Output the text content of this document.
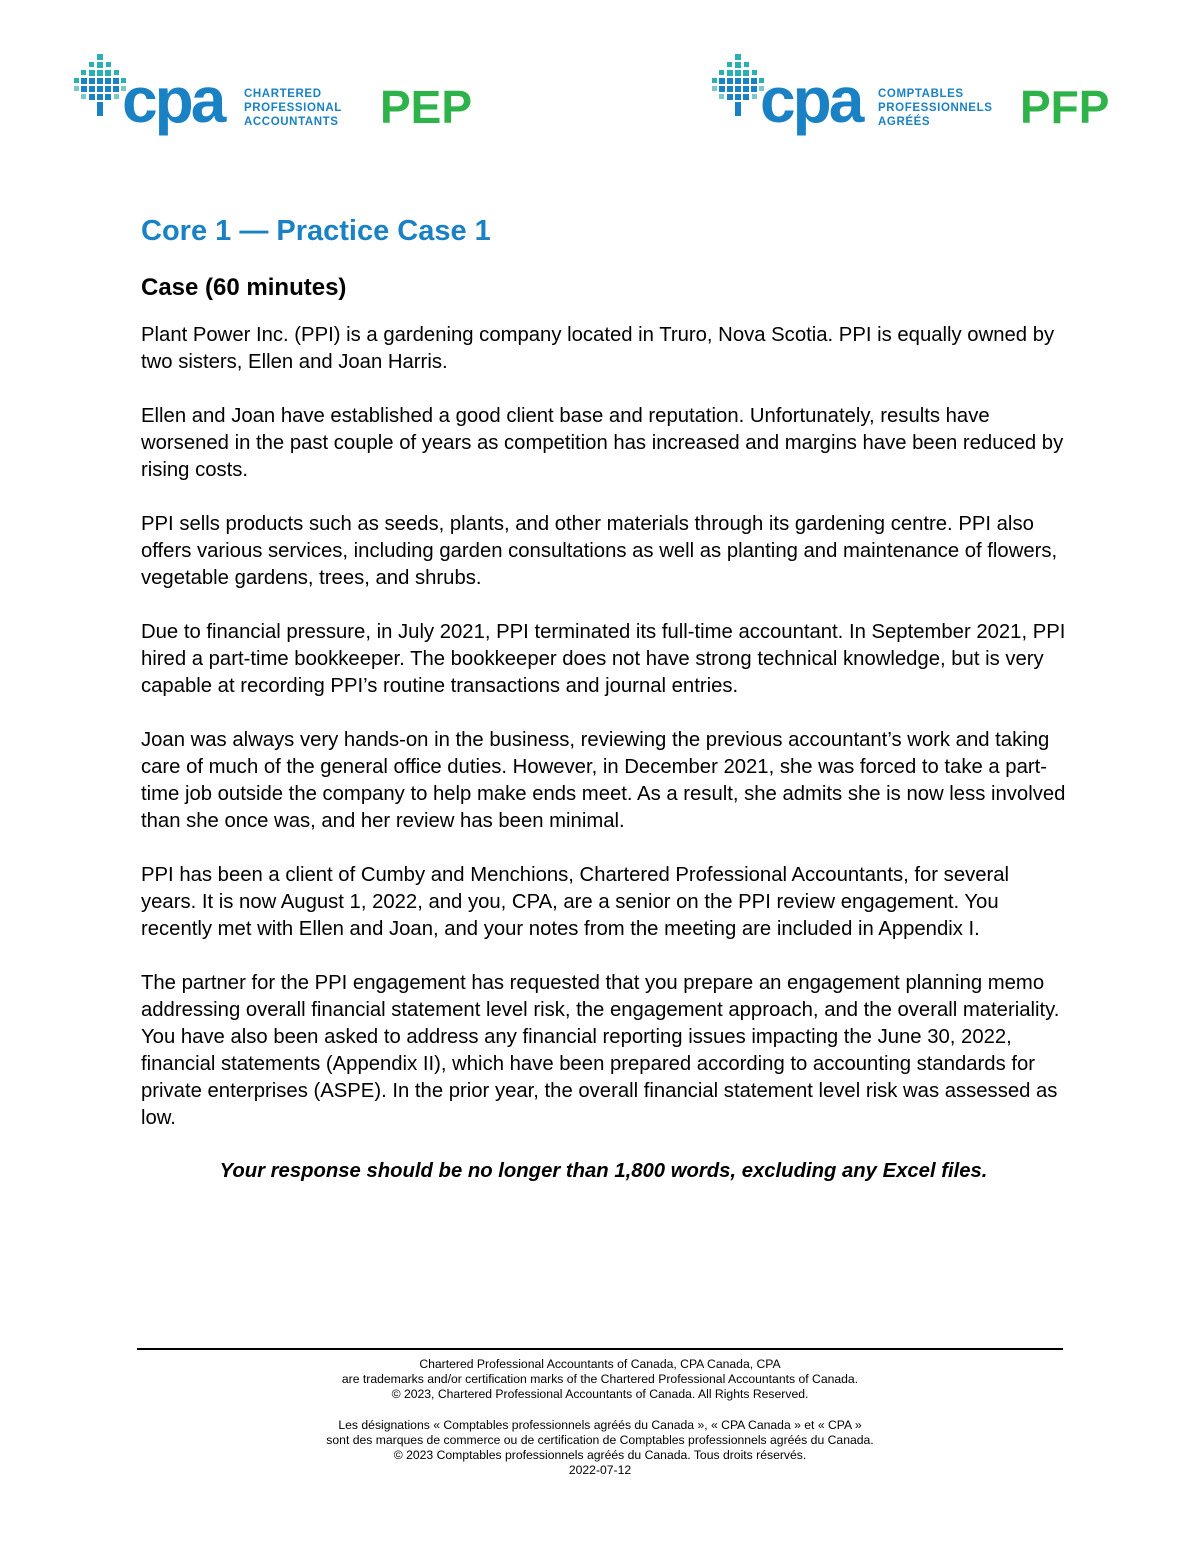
cpa CHARTERED
PROFESSIONAL
ACCOUNTANTS PEP	cpa COMPTABLES
PROFESSIONNELS
AGRÉÉS	PFP
Core 1 — Practice Case 1
Case (60 minutes)

Plant Power Inc. (PPI) is a gardening company located in Truro, Nova Scotia. PPI is equally owned by two sisters, Ellen and Joan Harris.

Ellen and Joan have established a good client base and reputation. Unfortunately, results have worsened in the past couple of years as competition has increased and margins have been reduced by rising costs.

PPI sells products such as seeds, plants, and other materials through its gardening centre. PPI also offers various services, including garden consultations as well as planting and maintenance of flowers, vegetable gardens, trees, and shrubs.

Due to financial pressure, in July 2021, PPI terminated its full-time accountant. In September 2021, PPI hired a part-time bookkeeper. The bookkeeper does not have strong technical knowledge, but is very capable at recording PPI’s routine transactions and journal entries.

Joan was always very hands-on in the business, reviewing the previous accountant’s work and taking care of much of the general office duties. However, in December 2021, she was forced to take a part-time job outside the company to help make ends meet. As a result, she admits she is now less involved than she once was, and her review has been minimal.

PPI has been a client of Cumby and Menchions, Chartered Professional Accountants, for several years. It is now August 1, 2022, and you, CPA, are a senior on the PPI review engagement. You recently met with Ellen and Joan, and your notes from the meeting are included in Appendix I.

The partner for the PPI engagement has requested that you prepare an engagement planning memo addressing overall financial statement level risk, the engagement approach, and the overall materiality. You have also been asked to address any financial reporting issues impacting the June 30, 2022, financial statements (Appendix II), which have been prepared according to accounting standards for private enterprises (ASPE). In the prior year, the overall financial statement level risk was assessed as low.

Your response should be no longer than 1,800 words, excluding any Excel files.

Chartered Professional Accountants of Canada, CPA Canada, CPA
are trademarks and/or certification marks of the Chartered Professional Accountants of Canada.
© 2023, Chartered Professional Accountants of Canada. All Rights Reserved.
Les désignations « Comptables professionnels agréés du Canada », « CPA Canada » et « CPA »
sont des marques de commerce ou de certification de Comptables professionnels agréés du Canada.
© 2023 Comptables professionnels agréés du Canada. Tous droits réservés.
2022-07-12
